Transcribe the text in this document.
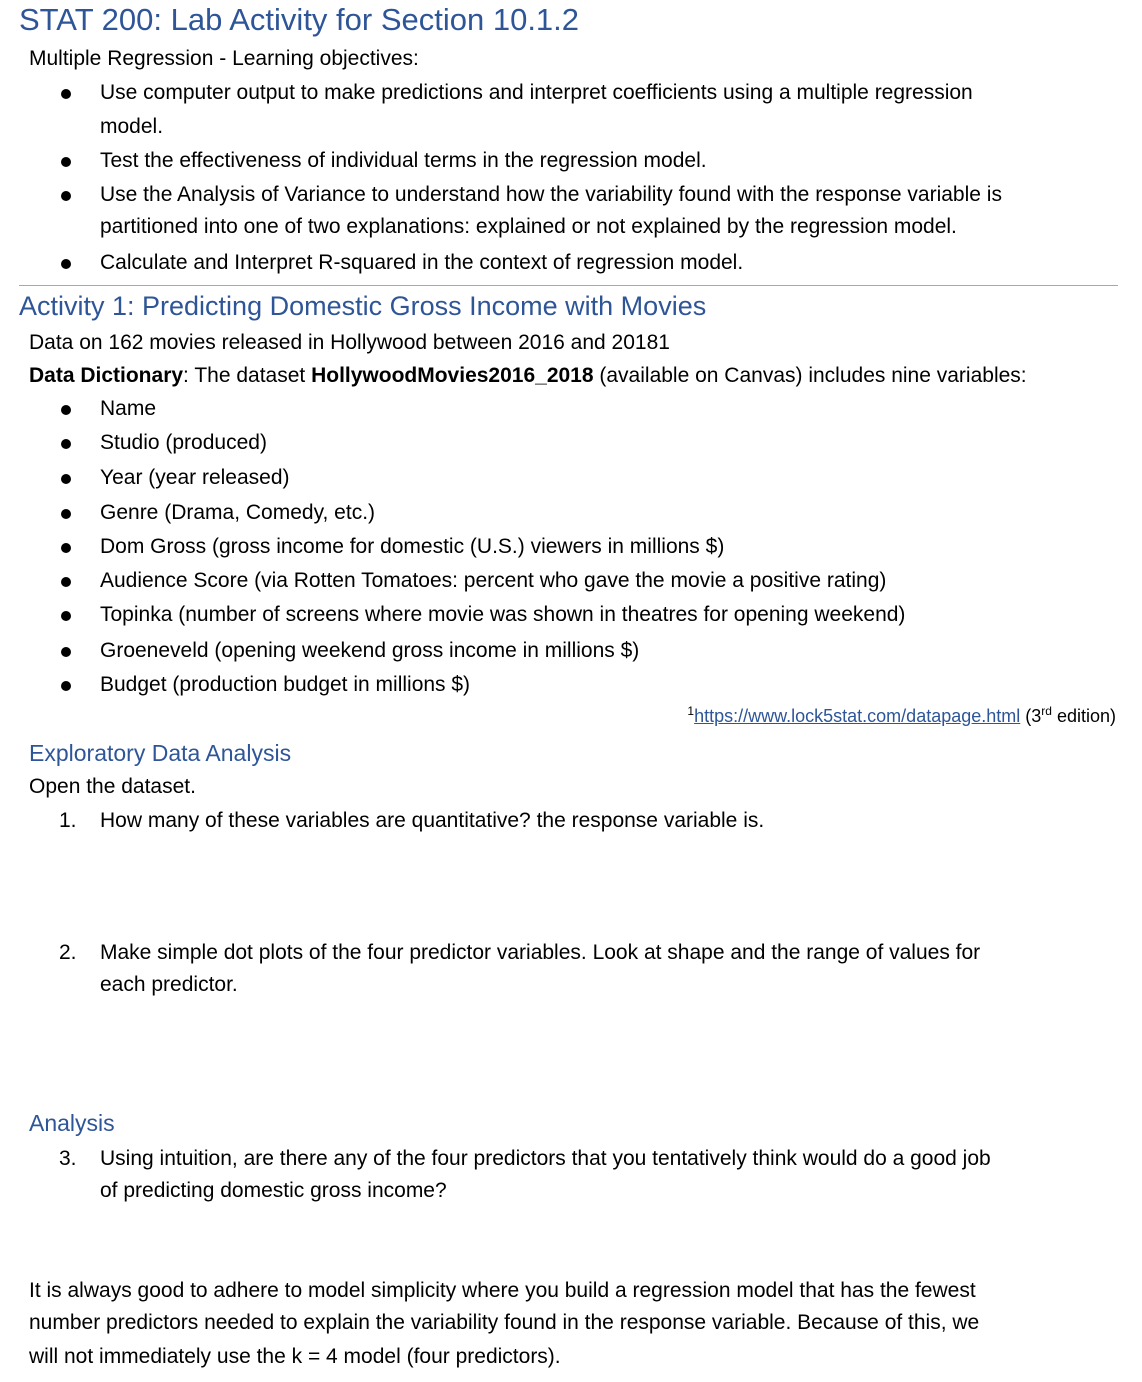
STAT 200: Lab Activity for Section 10.1.2
Multiple Regression - Learning objectives:
Use computer output to make predictions and interpret coefficients using a multiple regression
model.
Test the effectiveness of individual terms in the regression model.
Use the Analysis of Variance to understand how the variability found with the response variable is
partitioned into one of two explanations: explained or not explained by the regression model.
Calculate and Interpret R-squared in the context of regression model.
Activity 1: Predicting Domestic Gross Income with Movies
Data on 162 movies released in Hollywood between 2016 and 20181
Data Dictionary: The dataset HollywoodMovies2016_2018 (available on Canvas) includes nine variables:
Name
Studio (produced)
Year (year released)
Genre (Drama, Comedy, etc.)
Dom Gross (gross income for domestic (U.S.) viewers in millions $)
Audience Score (via Rotten Tomatoes: percent who gave the movie a positive rating)
Topinka (number of screens where movie was shown in theatres for opening weekend)
Groeneveld (opening weekend gross income in millions $)
Budget (production budget in millions $)
$^1$https://www.lock5stat.com/datapage.html (3rd edition)
Exploratory Data Analysis
Open the dataset.
1. How many of these variables are quantitative? the response variable is.
2. Make simple dot plots of the four predictor variables. Look at shape and the range of values for
each predictor.
Analysis
3. Using intuition, are there any of the four predictors that you tentatively think would do a good job
of predicting domestic gross income?
It is always good to adhere to model simplicity where you build a regression model that has the fewest
number predictors needed to explain the variability found in the response variable. Because of this, we
will not immediately use the k = 4 model (four predictors).
